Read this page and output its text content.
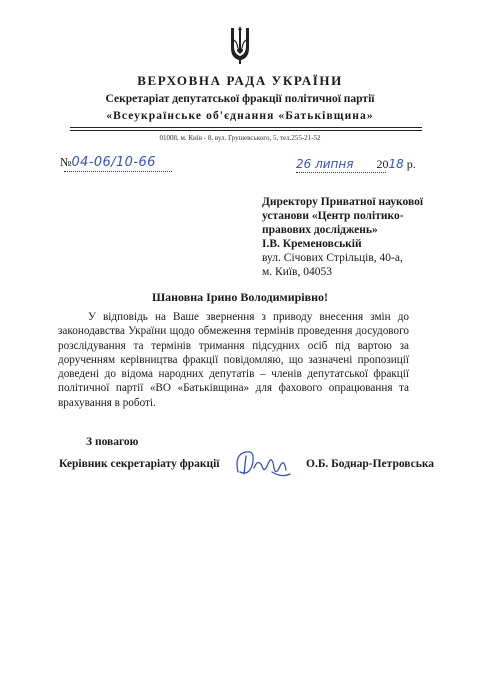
ВЕРХОВНА РАДА УКРАЇНИ
Секретаріат депутатської фракції політичної партії
«Всеукраїнське об'єднання «Батьківщина»
01008, м. Київ - 8, вул. Грушевського, 5, тел.255-21-52
№04-06/10-66	26 липня 2018 р.
Директору Приватної наукової
установи «Центр політико-
правових досліджень»
І.В. Кременовській
вул. Січових Стрільців, 40-а,
м. Київ, 04053
Шановна Ірино Володимирівно!

У відповідь на Ваше звернення з приводу внесення змін до законодавства України щодо обмеження термінів проведення досудового розслідування та термінів тримання підсудних осіб під вартою за дорученням керівництва фракції повідомляю, що зазначені пропозиції доведені до відома народних депутатів – членів депутатської фракції політичної партії «ВО «Батьківщина» для фахового опрацювання та врахування в роботі.

З повагою
Керівник секретаріату фракції	О.Б. Боднар-Петровська
